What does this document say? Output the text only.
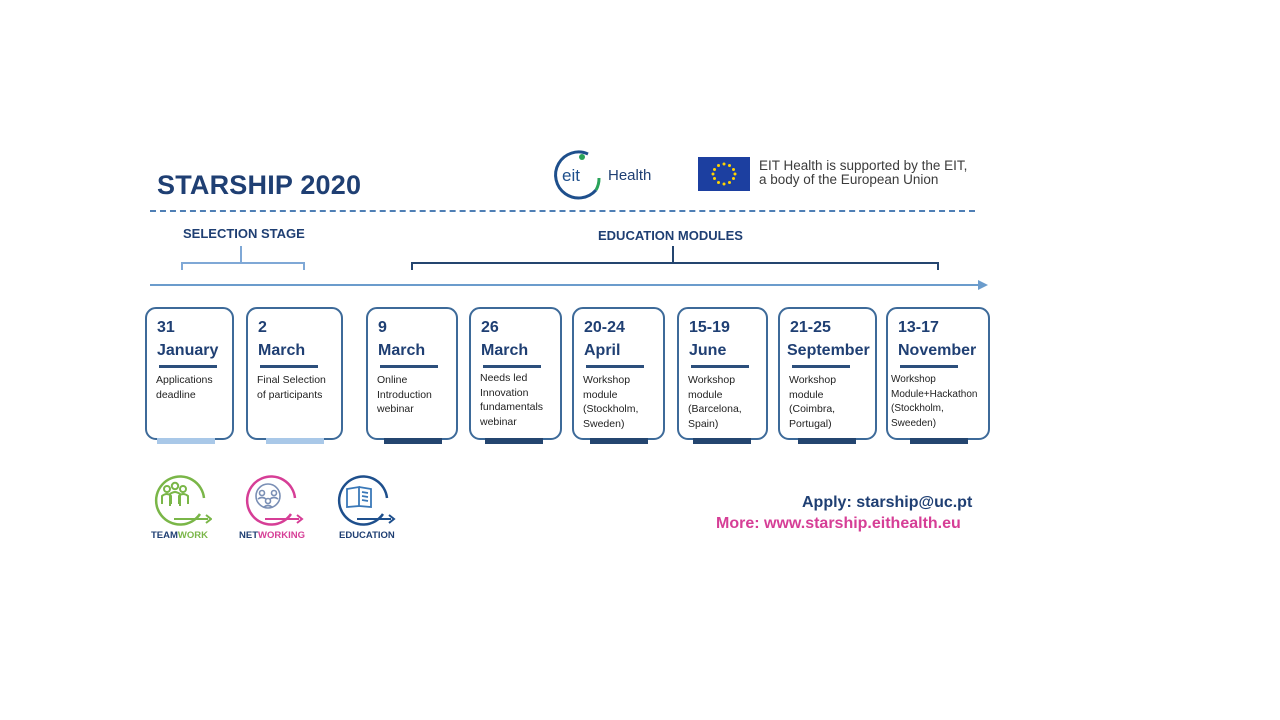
STARSHIP 2020	eit Health
EIT Health is supported by the EIT,
a body of the European Union
SELECTION STAGE	EDUCATION MODULES
31
January
Applications deadline
2
March
Final Selection of participants
9
March
Online Introduction webinar
26
March
Needs led Innovation fundamentals webinar
20-24
April
Workshop module (Stockholm, Sweden)
15-19
June
Workshop module (Barcelona, Spain)
21-25
September
Workshop module (Coimbra, Portugal)
13-17
November
Workshop Module+Hackathon (Stockholm, Sweeden)
TEAMWORK	NETWORKING	EDUCATION
Apply: starship@uc.pt
More: www.starship.eithealth.eu
